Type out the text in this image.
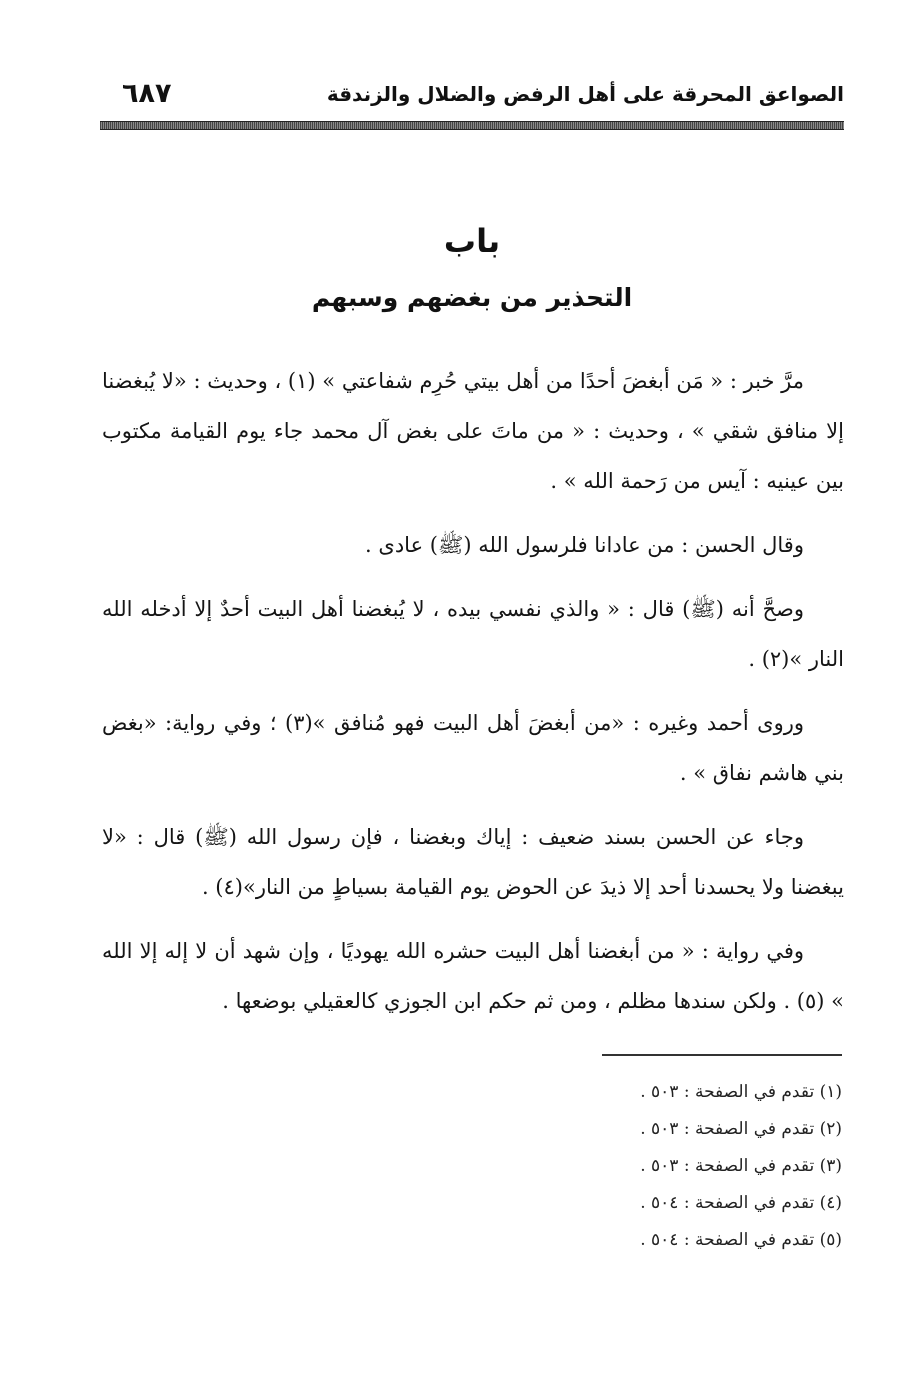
الصواعق المحرقة على أهل الرفض والضلال والزندقة
٦٨٧
باب
التحذير من بغضهم وسبهم

مرَّ خبر : « مَن أبغضَ أحدًا من أهل بيتي حُرِم شفاعتي » (١) ، وحديث : «لا يُبغضنا إلا منافق شقي » ، وحديث : « من ماتَ على بغض آل محمد جاء يوم القيامة مكتوب بين عينيه : آيس من رَحمة الله » .

وقال الحسن : من عادانا فلرسول الله (ﷺ) عادى .

وصحَّ أنه (ﷺ) قال : « والذي نفسي بيده ، لا يُبغضنا أهل البيت أحدٌ إلا أدخله الله النار »(٢) .

وروى أحمد وغيره : «من أبغضَ أهل البيت فهو مُنافق »(٣) ؛ وفي رواية: «بغض بني هاشم نفاق » .

وجاء عن الحسن بسند ضعيف : إياك وبغضنا ، فإن رسول الله (ﷺ) قال : «لا يبغضنا ولا يحسدنا أحد إلا ذيدَ عن الحوض يوم القيامة بسياطٍ من النار»(٤) .

وفي رواية : « من أبغضنا أهل البيت حشره الله يهوديًا ، وإن شهد أن لا إله إلا الله » (٥) . ولكن سندها مظلم ، ومن ثم حكم ابن الجوزي كالعقيلي بوضعها .

(١) تقدم في الصفحة : ٥٠٣ .
(٢) تقدم في الصفحة : ٥٠٣ .
(٣) تقدم في الصفحة : ٥٠٣ .
(٤) تقدم في الصفحة : ٥٠٤ .
(٥) تقدم في الصفحة : ٥٠٤ .
